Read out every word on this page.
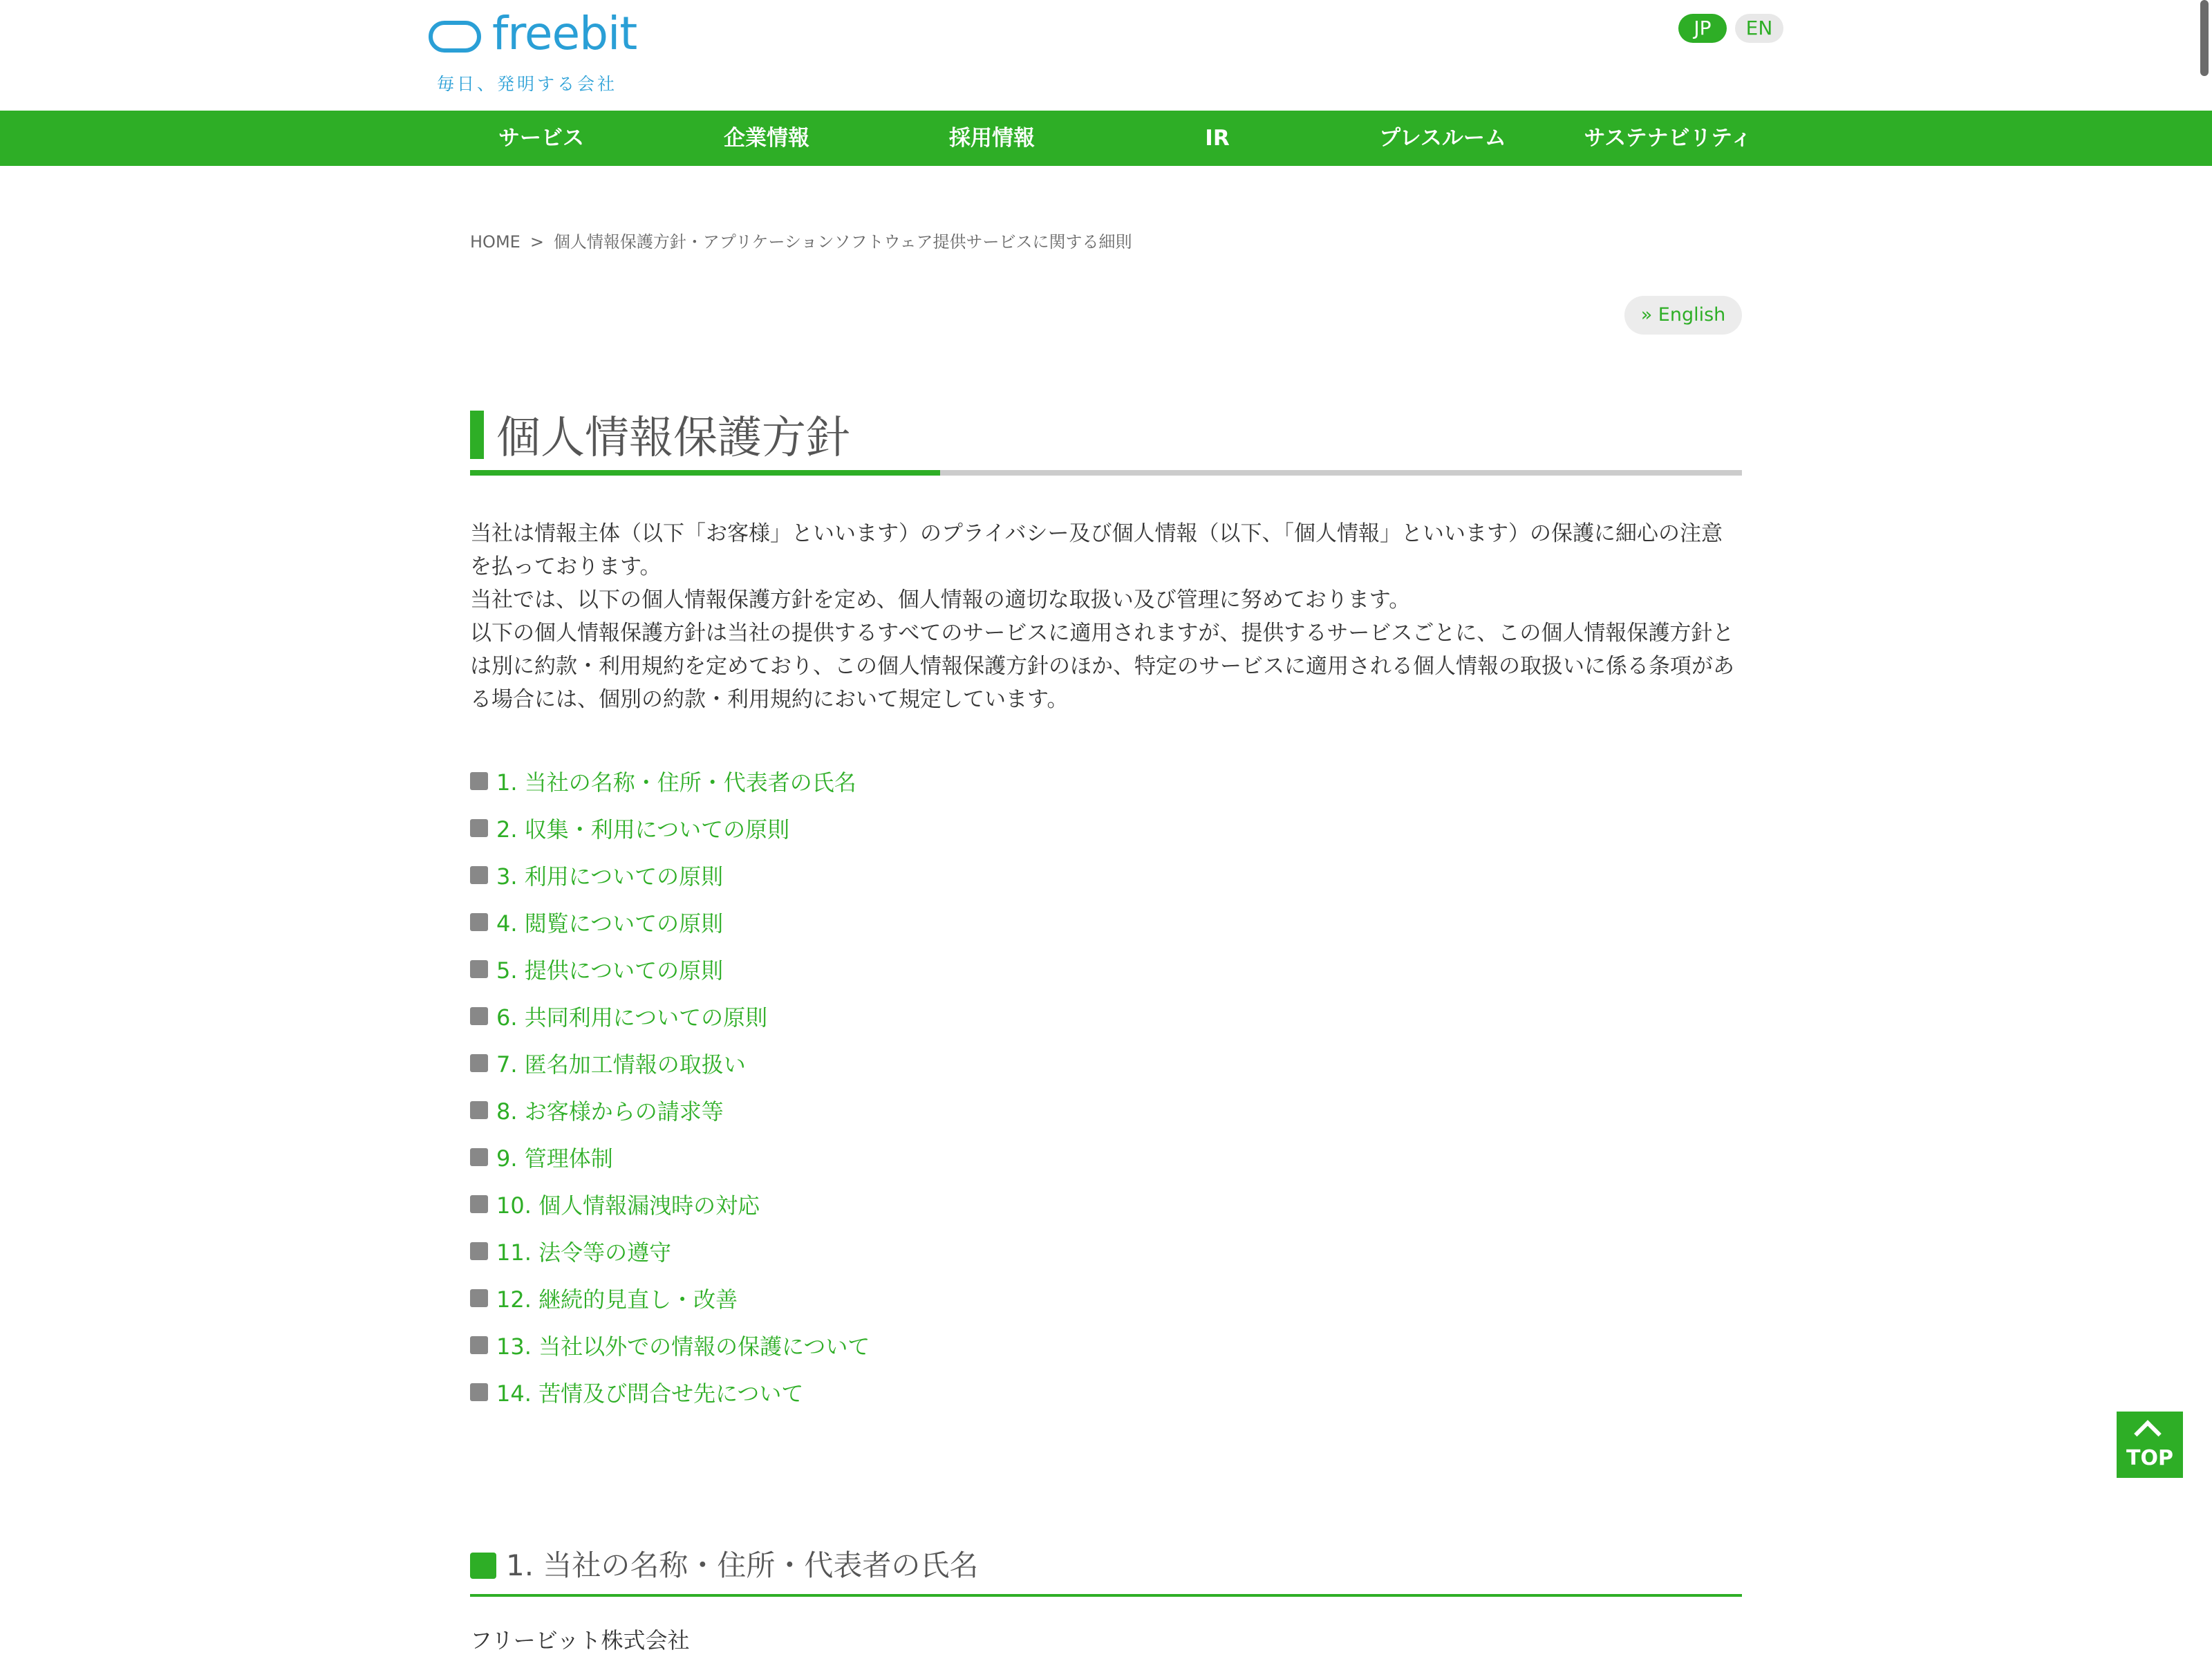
freebit
毎日、発明する会社
JP	EN
サービス	企業情報	採用情報	IR	プレスルーム	サステナビリティ
HOME > 個人情報保護方針・アプリケーションソフトウェア提供サービスに関する細則
» English
個人情報保護方針

当社は情報主体（以下「お客様」といいます）のプライバシー及び個人情報（以下、「個人情報」といいます）の保護に細心の注意を払っております。

当社では、以下の個人情報保護方針を定め、個人情報の適切な取扱い及び管理に努めております。

以下の個人情報保護方針は当社の提供するすべてのサービスに適用されますが、提供するサービスごとに、この個人情報保護方針とは別に約款・利用規約を定めており、この個人情報保護方針のほか、特定のサービスに適用される個人情報の取扱いに係る条項がある場合には、個別の約款・利用規約において規定しています。

1. 当社の名称・住所・代表者の氏名
2. 収集・利用についての原則
3. 利用についての原則
4. 閲覧についての原則
5. 提供についての原則
6. 共同利用についての原則
7. 匿名加工情報の取扱い
8. お客様からの請求等
9. 管理体制
10. 個人情報漏洩時の対応
11. 法令等の遵守
12. 継続的見直し・改善
13. 当社以外での情報の保護について
14. 苦情及び問合せ先について
TOP
1. 当社の名称・住所・代表者の氏名
フリービット株式会社
